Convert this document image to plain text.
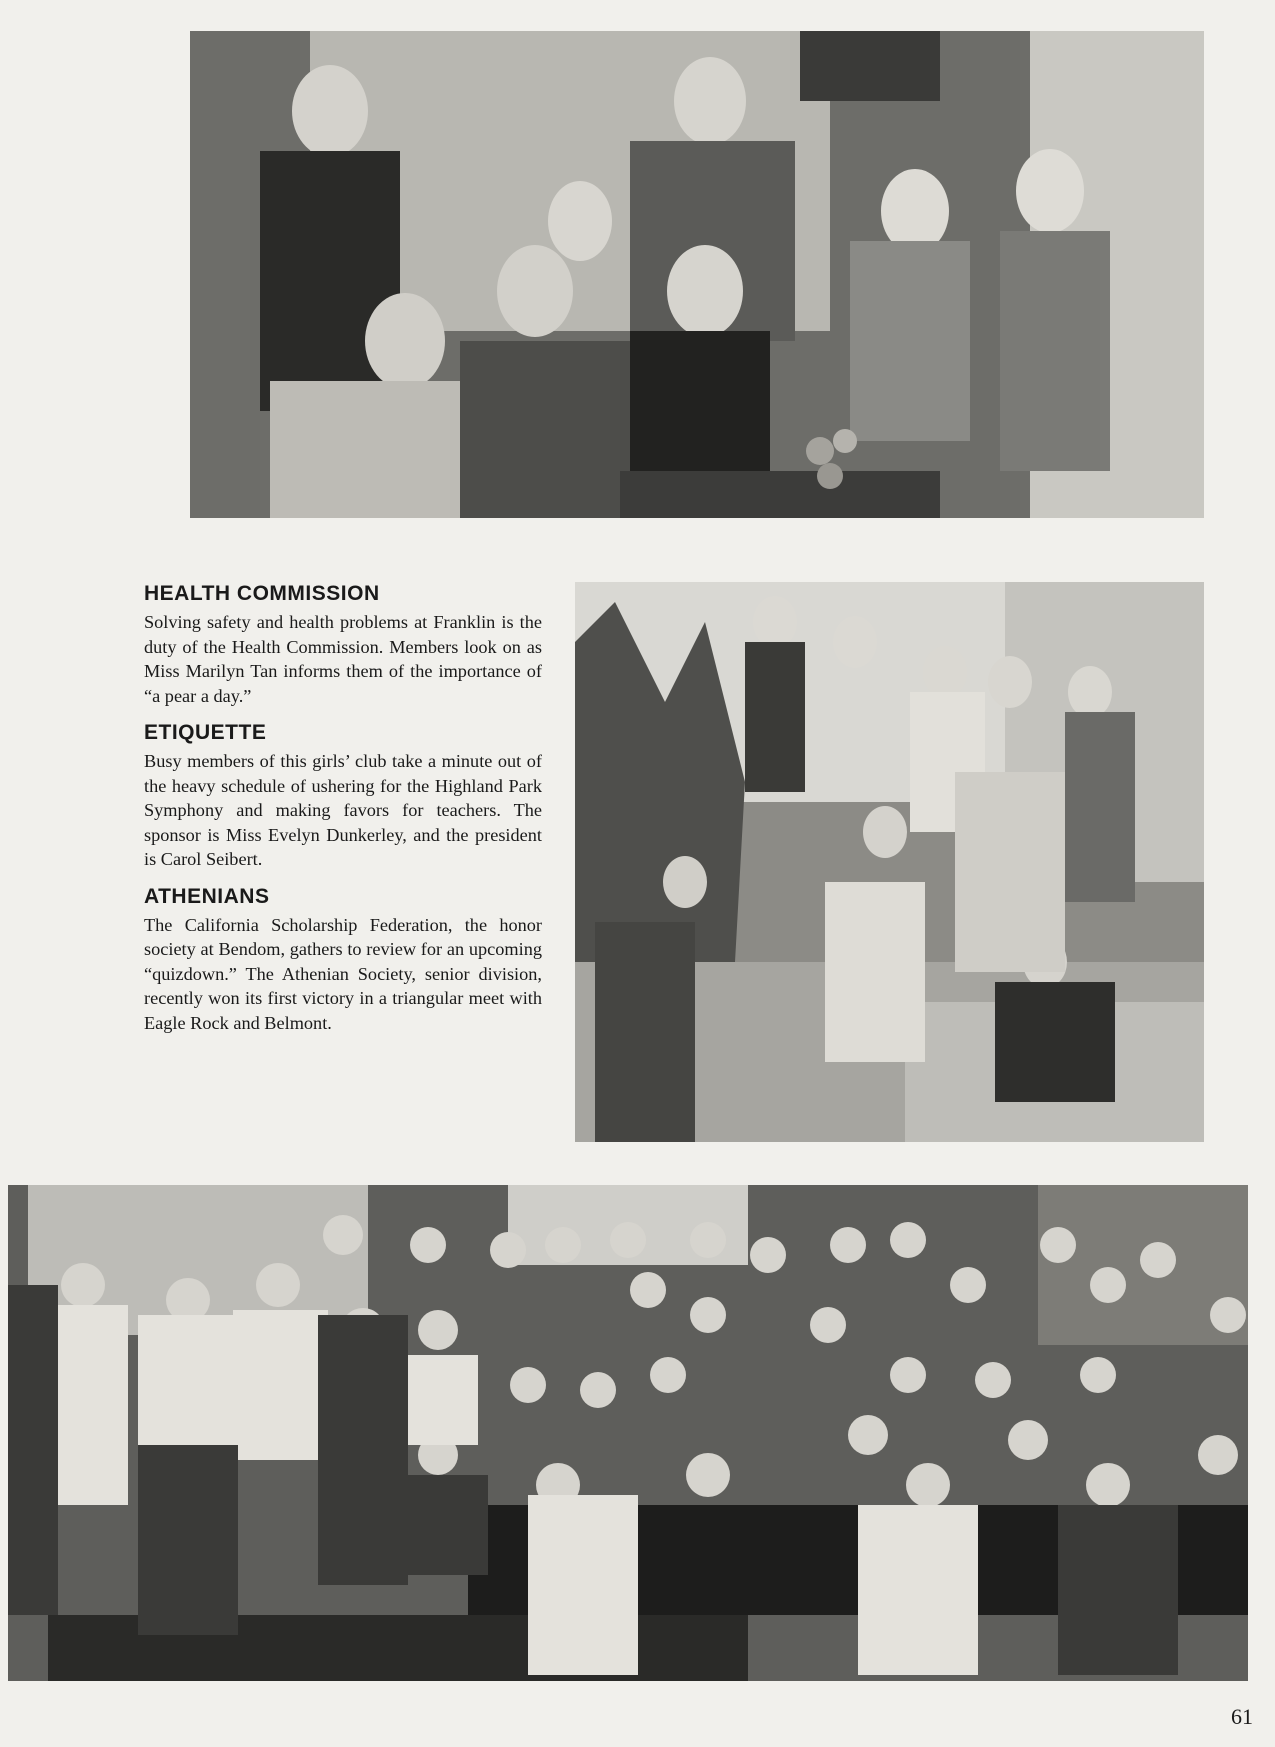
HEALTH COMMISSION

Solving safety and health problems at Franklin is the duty of the Health Commission. Members look on as Miss Marilyn Tan informs them of the importance of “a pear a day.”

ETIQUETTE

Busy members of this girls’ club take a minute out of the heavy schedule of ushering for the Highland Park Symphony and making favors for teachers. The sponsor is Miss Evelyn Dunkerley, and the president is Carol Seibert.

ATHENIANS

The California Scholarship Federation, the honor society at Bendom, gathers to review for an upcoming “quizdown.” The Athenian Society, senior division, recently won its first victory in a triangular meet with Eagle Rock and Belmont.

61
